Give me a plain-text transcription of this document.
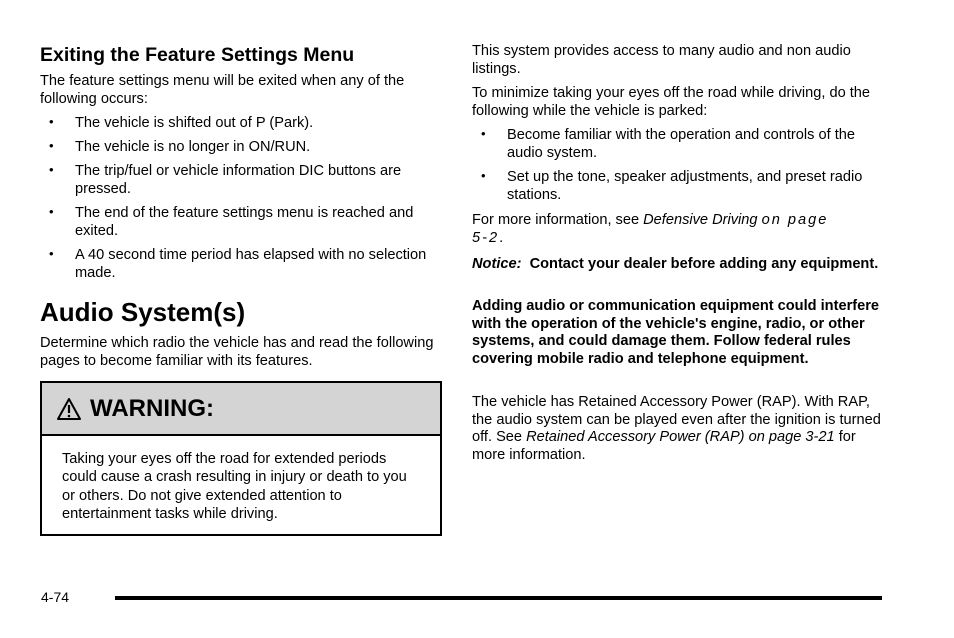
Exiting the Feature Settings Menu

The feature settings menu will be exited when any of the following occurs:

• The vehicle is shifted out of P (Park).
• The vehicle is no longer in ON/RUN.
• The trip/fuel or vehicle information DIC buttons are pressed.
• The end of the feature settings menu is reached and exited.
• A 40 second time period has elapsed with no selection made.

Audio System(s)

Determine which radio the vehicle has and read the following pages to become familiar with its features.

WARNING:
Taking your eyes off the road for extended periods could cause a crash resulting in injury or death to you or others. Do not give extended attention to entertainment tasks while driving.

This system provides access to many audio and non audio listings.

To minimize taking your eyes off the road while driving, do the following while the vehicle is parked:

• Become familiar with the operation and controls of the audio system.
• Set up the tone, speaker adjustments, and preset radio stations.

For more information, see Defensive Driving on page 5-2.

Notice: Contact your dealer before adding any equipment.

Adding audio or communication equipment could interfere with the operation of the vehicle's engine, radio, or other systems, and could damage them. Follow federal rules covering mobile radio and telephone equipment.

The vehicle has Retained Accessory Power (RAP). With RAP, the audio system can be played even after the ignition is turned off. See Retained Accessory Power (RAP) on page 3-21 for more information.

4-74
